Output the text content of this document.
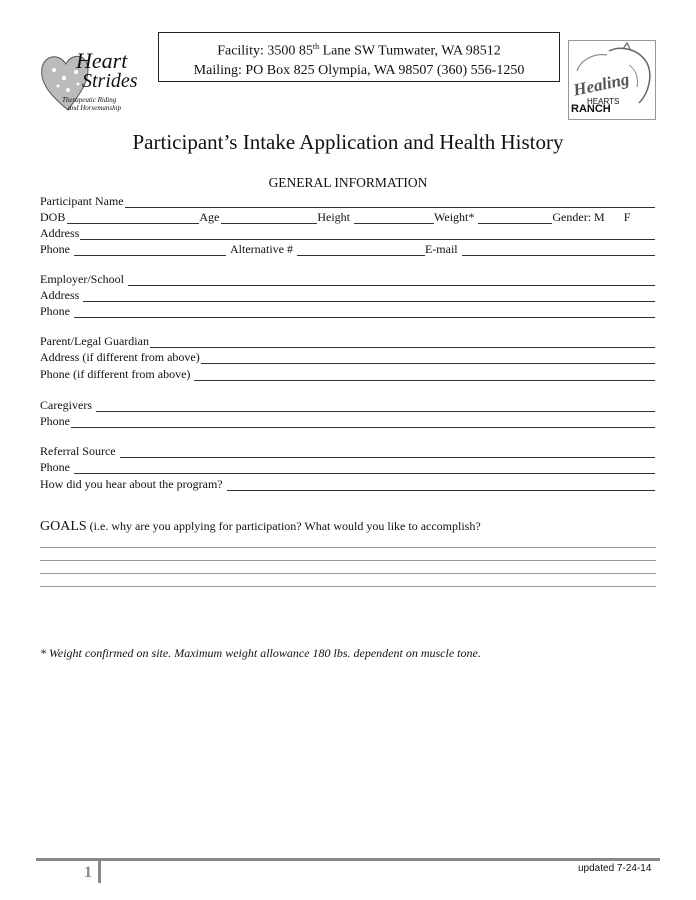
Heart
Strides
Therapeutic Riding
and Horsemanship
Facility: 3500 85th Lane SW Tumwater, WA 98512
Mailing: PO Box 825 Olympia, WA 98507 (360) 556-1250	Healing
HEARTS
RANCH
Participant’s Intake Application and Health History
GENERAL INFORMATION
Participant Name
DOB	Age	Height	Weight*	Gender: M F
Address
Phone	Alternative #	E-mail
Employer/School
Address
Phone
Parent/Legal Guardian
Address (if different from above)
Phone (if different from above)
Caregivers
Phone
Referral Source
Phone
How did you hear about the program?
GOALS (i.e. why are you applying for participation? What would you like to accomplish?
* Weight confirmed on site. Maximum weight allowance 180 lbs. dependent on muscle tone.
1	updated 7-24-14
